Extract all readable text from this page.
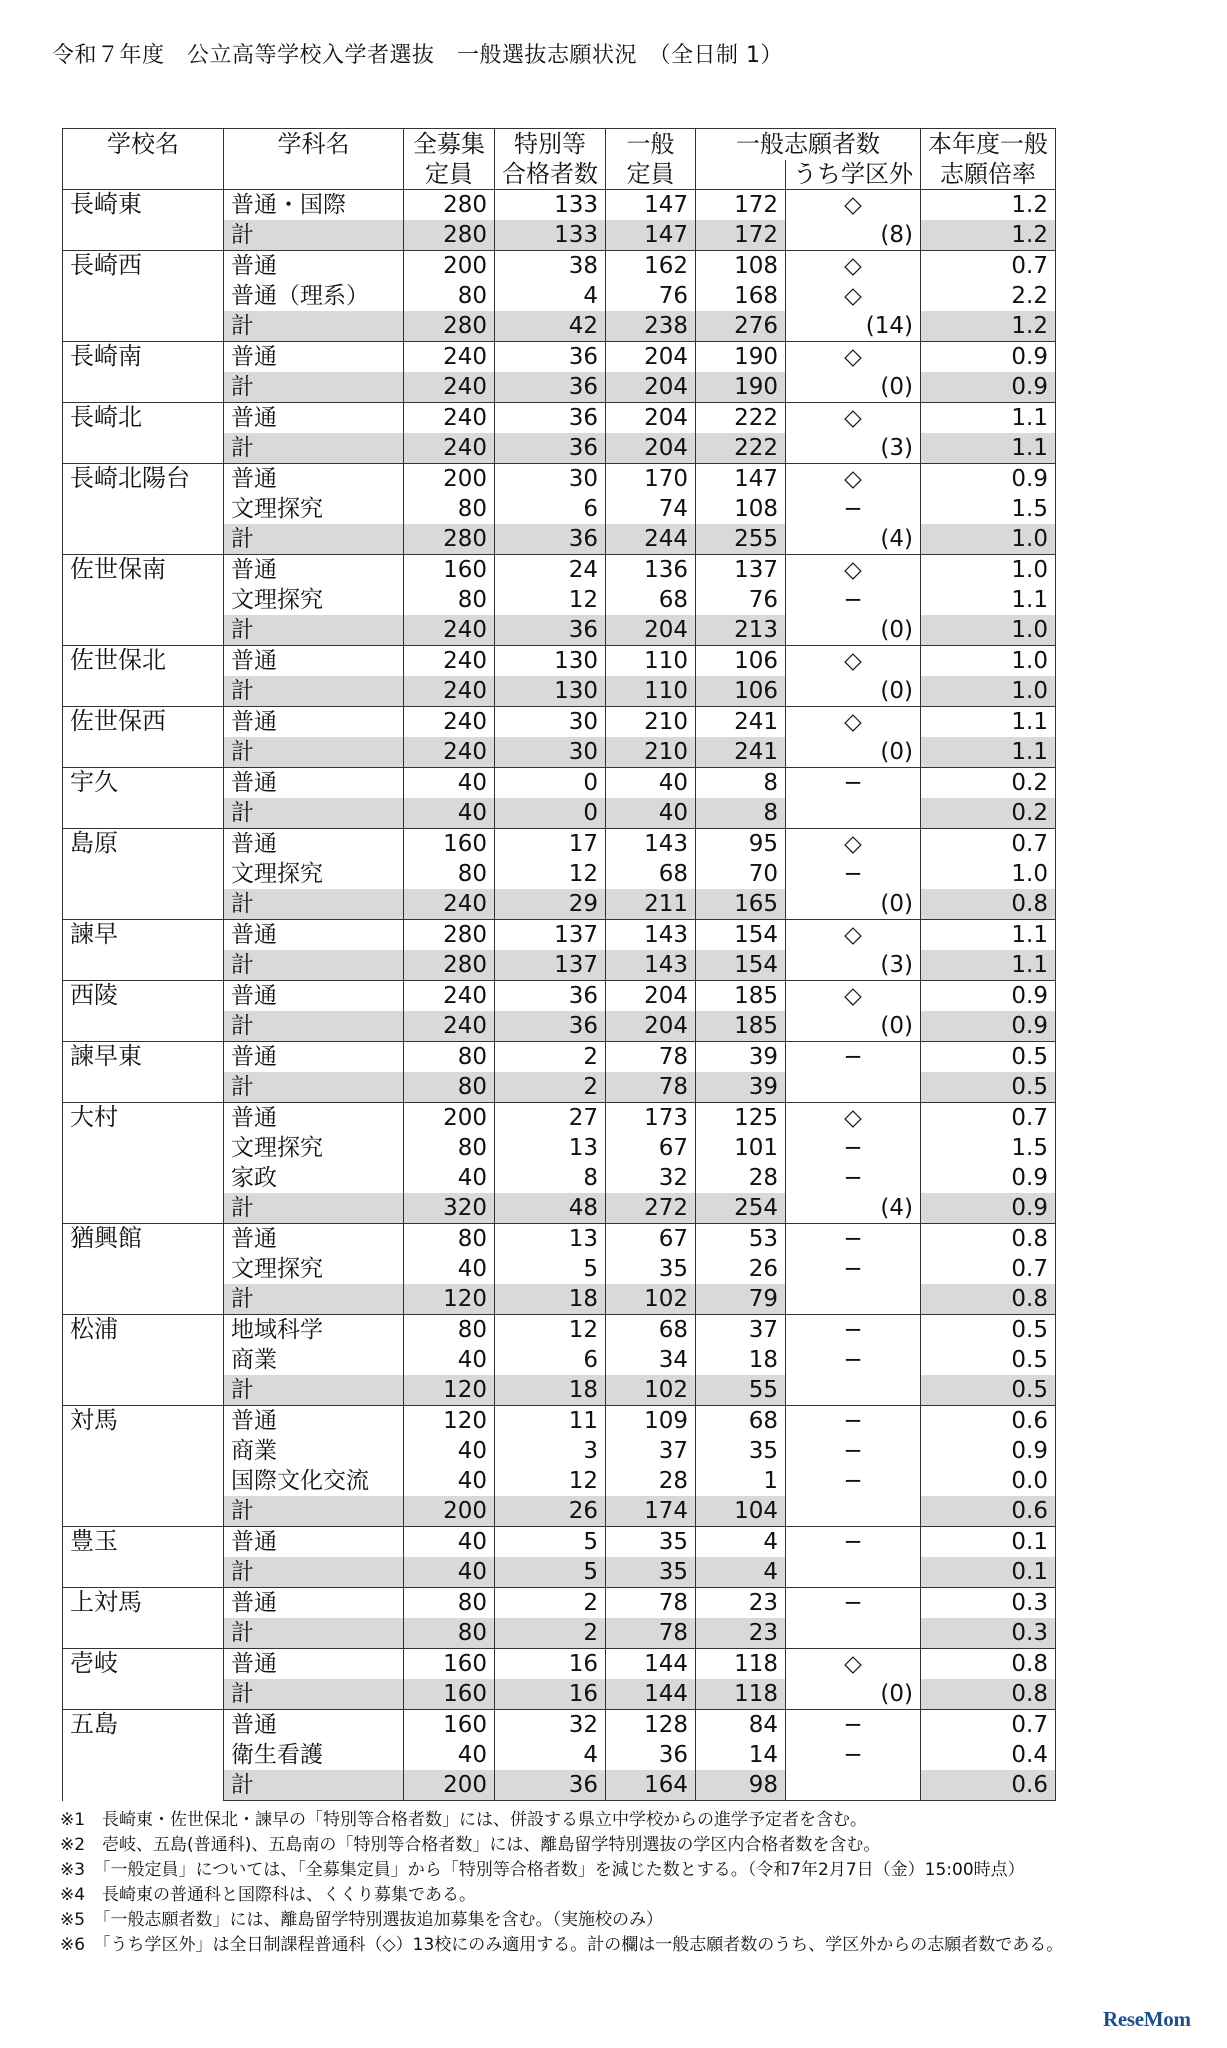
令和７年度　公立高等学校入学者選抜　一般選抜志願状況　（全日制 1）
学校名	学科名	全募集	特別等	一般	一般志願者数		本年度一般
		定員	合格者数	定員		うち学区外	志願倍率
長崎東	普通・国際	280	133	147	172	◇	1.2
	計	280	133	147	172	(8)	1.2
長崎西	普通	200	38	162	108	◇	0.7
	普通（理系）	80	4	76	168	◇	2.2
	計	280	42	238	276	(14)	1.2
長崎南	普通	240	36	204	190	◇	0.9
	計	240	36	204	190	(0)	0.9
長崎北	普通	240	36	204	222	◇	1.1
	計	240	36	204	222	(3)	1.1
長崎北陽台	普通	200	30	170	147	◇	0.9
	文理探究	80	6	74	108	−	1.5
	計	280	36	244	255	(4)	1.0
佐世保南	普通	160	24	136	137	◇	1.0
	文理探究	80	12	68	76	−	1.1
	計	240	36	204	213	(0)	1.0
佐世保北	普通	240	130	110	106	◇	1.0
	計	240	130	110	106	(0)	1.0
佐世保西	普通	240	30	210	241	◇	1.1
	計	240	30	210	241	(0)	1.1
宇久	普通	40	0	40	8	−	0.2
	計	40	0	40	8		0.2
島原	普通	160	17	143	95	◇	0.7
	文理探究	80	12	68	70	−	1.0
	計	240	29	211	165	(0)	0.8
諫早	普通	280	137	143	154	◇	1.1
	計	280	137	143	154	(3)	1.1
西陵	普通	240	36	204	185	◇	0.9
	計	240	36	204	185	(0)	0.9
諫早東	普通	80	2	78	39	−	0.5
	計	80	2	78	39		0.5
大村	普通	200	27	173	125	◇	0.7
	文理探究	80	13	67	101	−	1.5
	家政	40	8	32	28	−	0.9
	計	320	48	272	254	(4)	0.9
猶興館	普通	80	13	67	53	−	0.8
	文理探究	40	5	35	26	−	0.7
	計	120	18	102	79		0.8
松浦	地域科学	80	12	68	37	−	0.5
	商業	40	6	34	18	−	0.5
	計	120	18	102	55		0.5
対馬	普通	120	11	109	68	−	0.6
	商業	40	3	37	35	−	0.9
	国際文化交流	40	12	28	1	−	0.0
	計	200	26	174	104		0.6
豊玉	普通	40	5	35	4	−	0.1
	計	40	5	35	4		0.1
上対馬	普通	80	2	78	23	−	0.3
	計	80	2	78	23		0.3
壱岐	普通	160	16	144	118	◇	0.8
	計	160	16	144	118	(0)	0.8
五島	普通	160	32	128	84	−	0.7
	衛生看護	40	4	36	14	−	0.4
	計	200	36	164	98		0.6
※1　長崎東・佐世保北・諫早の「特別等合格者数」には、併設する県立中学校からの進学予定者を含む。
※2　壱岐、五島(普通科)、五島南の「特別等合格者数」には、離島留学特別選抜の学区内合格者数を含む。
※3　「一般定員」については、「全募集定員」から「特別等合格者数」を減じた数とする。（令和7年2月7日（金）15:00時点）
※4　長崎東の普通科と国際科は、くくり募集である。
※5　「一般志願者数」には、離島留学特別選抜追加募集を含む。（実施校のみ）
※6　「うち学区外」は全日制課程普通科（◇）13校にのみ適用する。計の欄は一般志願者数のうち、学区外からの志願者数である。
ReseMom
